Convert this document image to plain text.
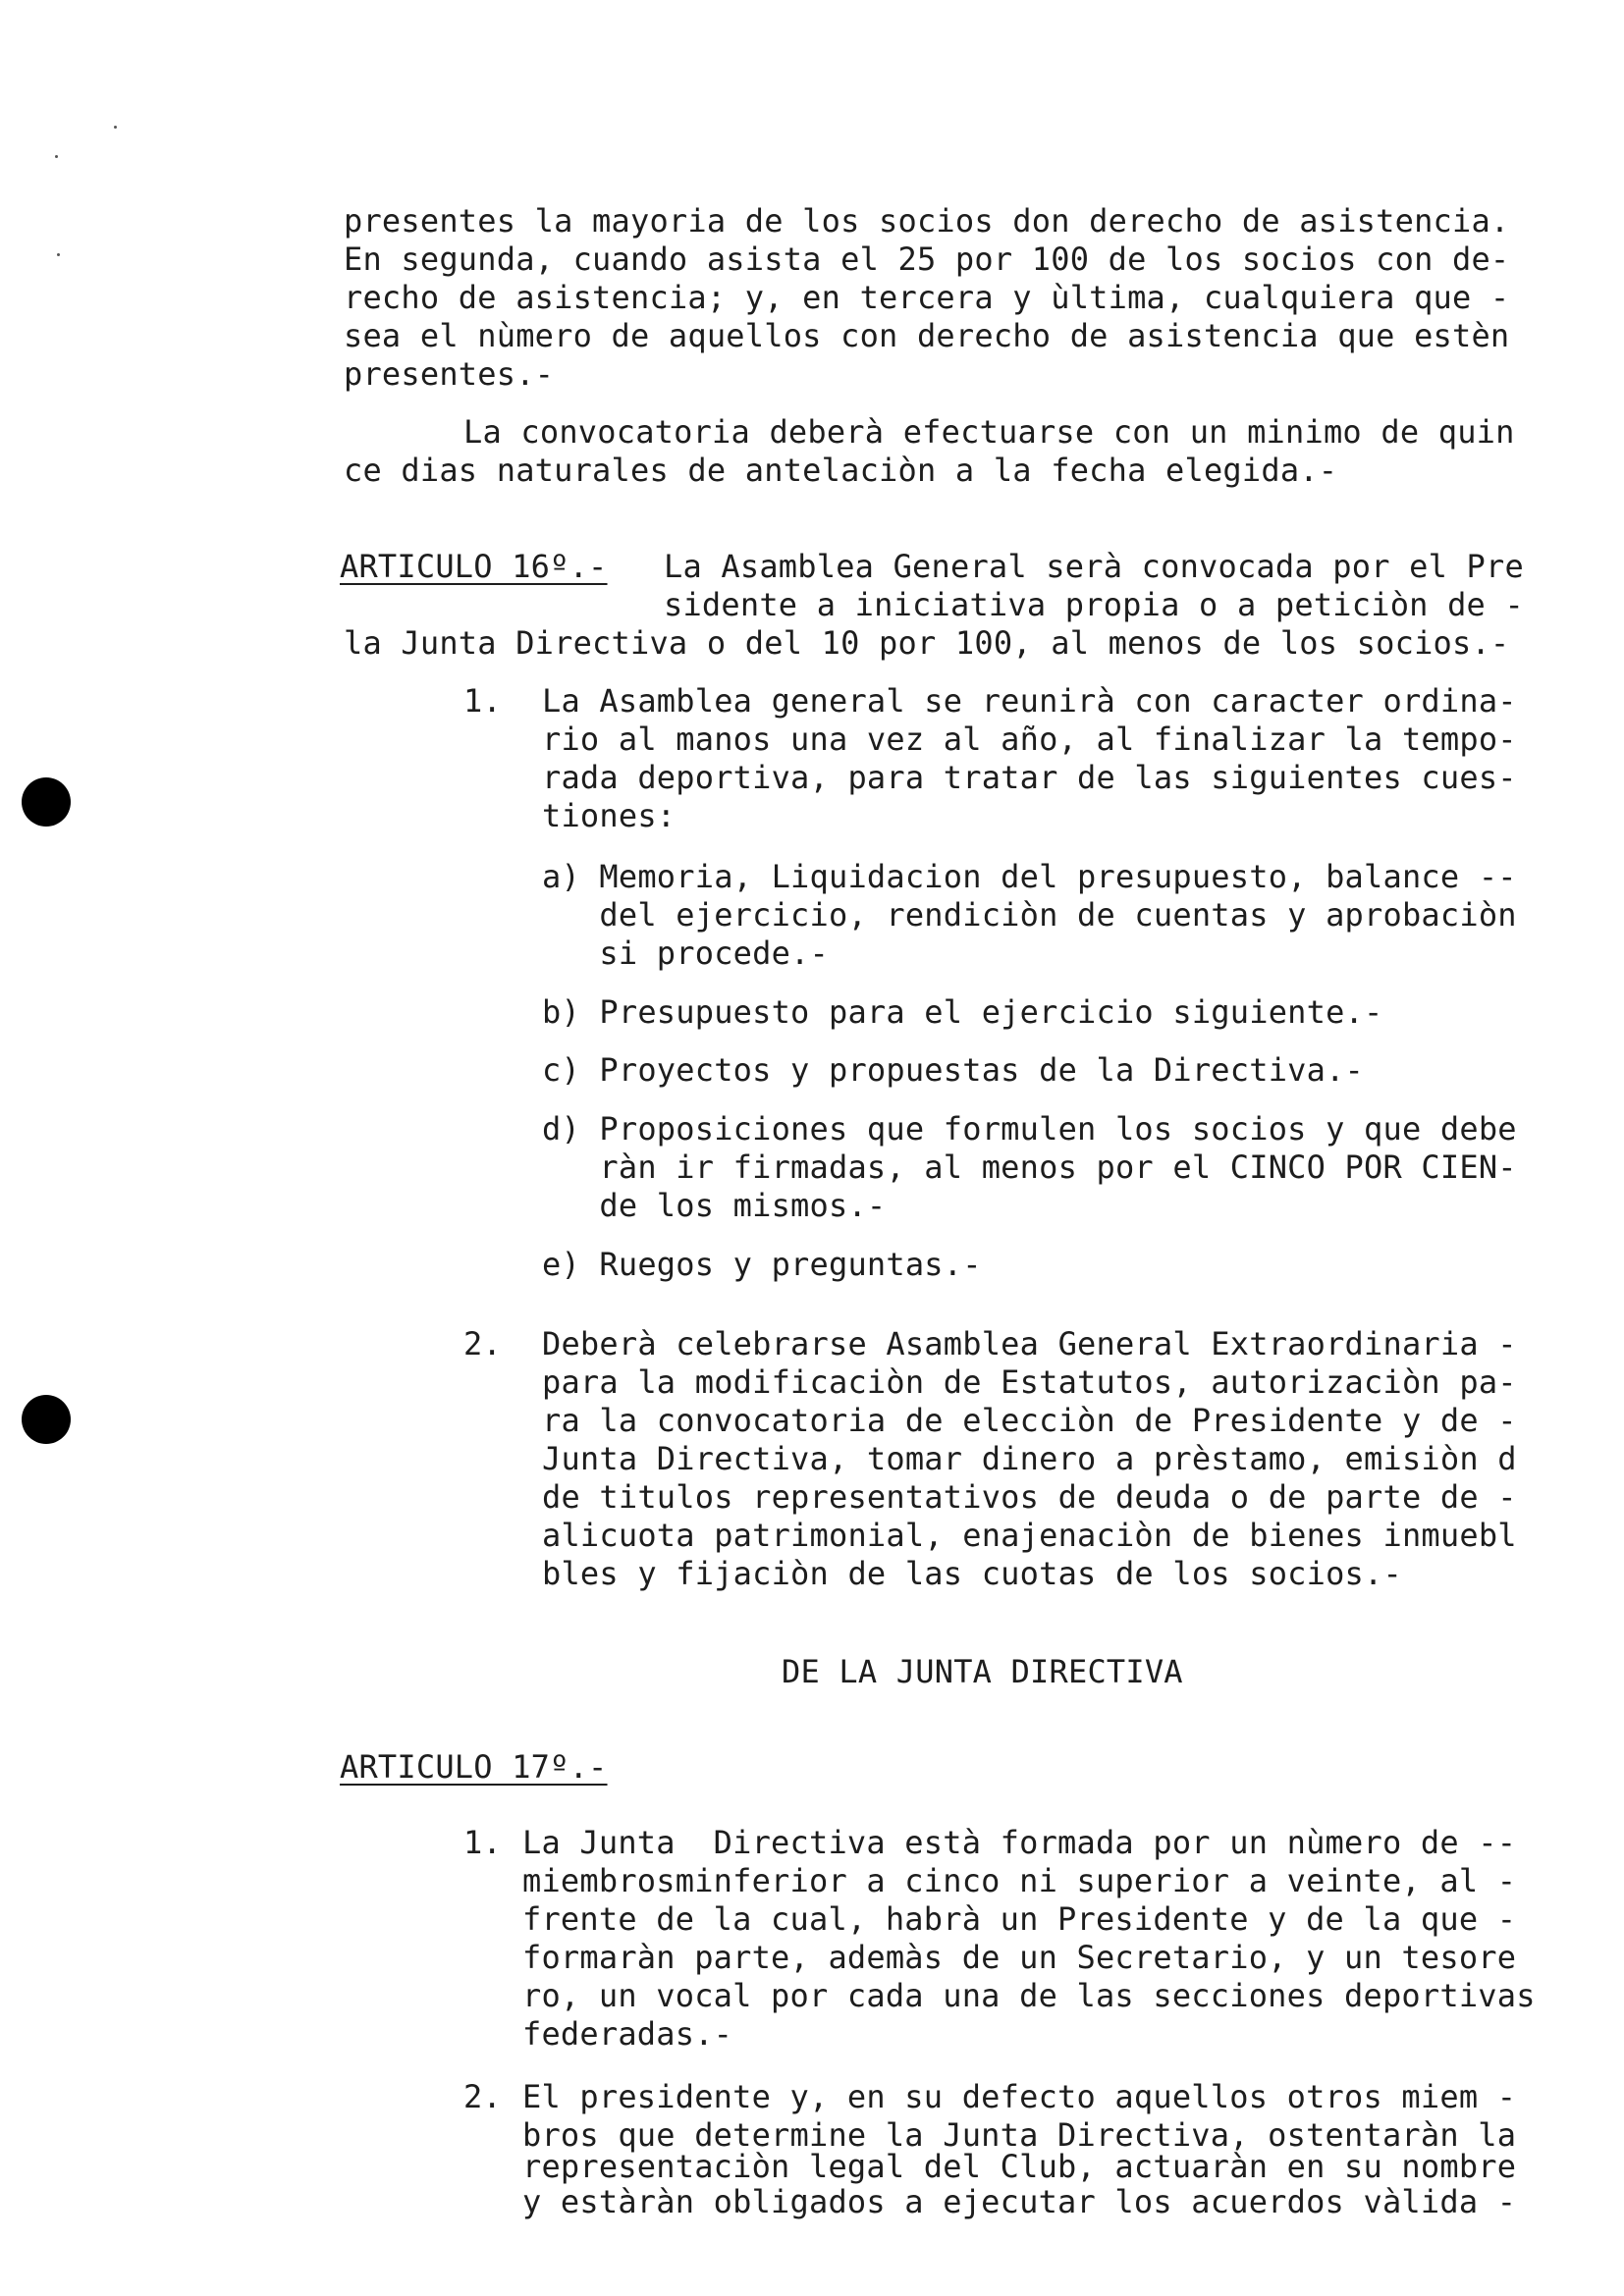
presentes la mayoria de los socios don derecho de asistencia.
En segunda, cuando asista el 25 por 100 de los socios con de-
recho de asistencia; y, en tercera y ùltima, cualquiera que -
sea el nùmero de aquellos con derecho de asistencia que estèn
presentes.-
La convocatoria deberà efectuarse con un minimo de quin
ce dias naturales de antelaciòn a la fecha elegida.-
ARTICULO 16º.- La Asamblea General serà convocada por el Pre
sidente a iniciativa propia o a peticiòn de -
la Junta Directiva o del 10 por 100, al menos de los socios.-
1. La Asamblea general se reunirà con caracter ordina-
rio al manos una vez al año, al finalizar la tempo-
rada deportiva, para tratar de las siguientes cues-
tiones:
a) Memoria, Liquidacion del presupuesto, balance --
del ejercicio, rendiciòn de cuentas y aprobaciòn
si procede.-
b) Presupuesto para el ejercicio siguiente.-
c) Proyectos y propuestas de la Directiva.-
d) Proposiciones que formulen los socios y que debe
ràn ir firmadas, al menos por el CINCO POR CIEN-
de los mismos.-
e) Ruegos y preguntas.-
2. Deberà celebrarse Asamblea General Extraordinaria -
para la modificaciòn de Estatutos, autorizaciòn pa-
ra la convocatoria de elecciòn de Presidente y de -
Junta Directiva, tomar dinero a prèstamo, emisiòn d
de titulos representativos de deuda o de parte de -
alicuota patrimonial, enajenaciòn de bienes inmuebl
bles y fijaciòn de las cuotas de los socios.-
DE LA JUNTA DIRECTIVA
ARTICULO 17º.-
1. La Junta  Directiva està formada por un nùmero de --
miembrosminferior a cinco ni superior a veinte, al -
frente de la cual, habrà un Presidente y de la que -
formaràn parte, ademàs de un Secretario, y un tesore
ro, un vocal por cada una de las secciones deportivas
federadas.-
2. El presidente y, en su defecto aquellos otros miem -
bros que determine la Junta Directiva, ostentaràn la
representaciòn legal del Club, actuaràn en su nombre
y estàràn obligados a ejecutar los acuerdos vàlida -
